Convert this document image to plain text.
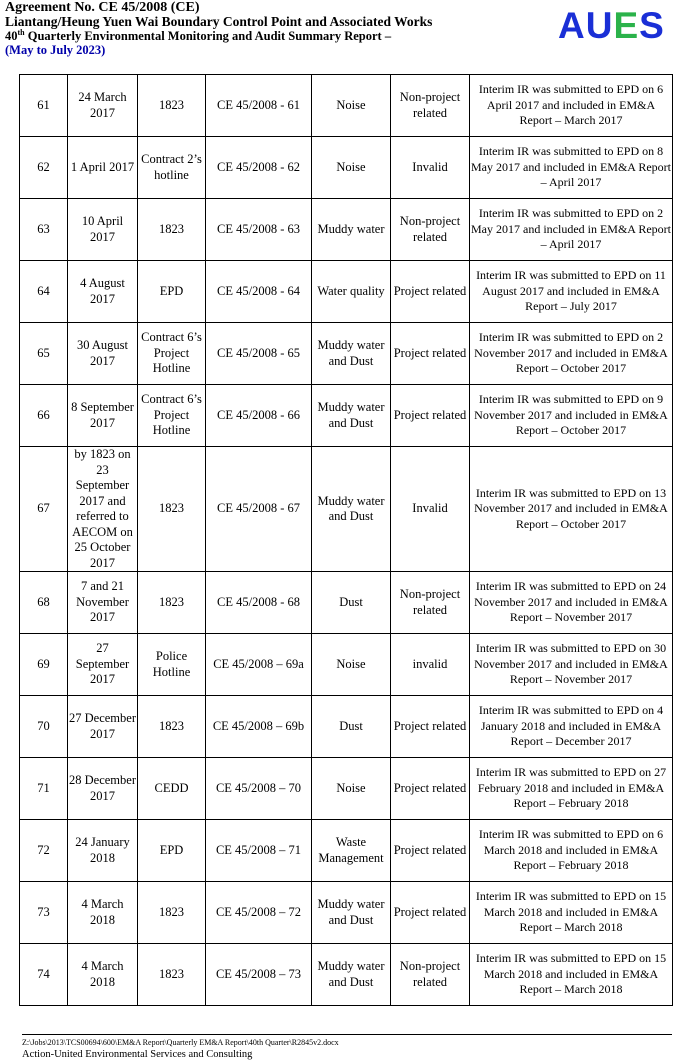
Agreement No. CE 45/2008 (CE)
Liantang/Heung Yuen Wai Boundary Control Point and Associated Works
40th Quarterly Environmental Monitoring and Audit Summary Report –
(May to July 2023)
AUES
61	24 March 2017	1823	CE 45/2008 - 61	Noise	Non-project related	Interim IR was submitted to EPD on 6 April 2017 and included in EM&A Report – March 2017
62	1 April 2017	Contract 2’s hotline	CE 45/2008 - 62	Noise	Invalid	Interim IR was submitted to EPD on 8 May 2017 and included in EM&A Report – April 2017
63	10 April 2017	1823	CE 45/2008 - 63	Muddy water	Non-project related	Interim IR was submitted to EPD on 2 May 2017 and included in EM&A Report – April 2017
64	4 August 2017	EPD	CE 45/2008 - 64	Water quality	Project related	Interim IR was submitted to EPD on 11 August 2017 and included in EM&A Report – July 2017
65	30 August 2017	Contract 6’s Project Hotline	CE 45/2008 - 65	Muddy water and Dust	Project related	Interim IR was submitted to EPD on 2 November 2017 and included in EM&A Report – October 2017
66	8 September 2017	Contract 6’s Project Hotline	CE 45/2008 - 66	Muddy water and Dust	Project related	Interim IR was submitted to EPD on 9 November 2017 and included in EM&A Report – October 2017
67	by 1823 on 23 September 2017 and referred to AECOM on 25 October 2017	1823	CE 45/2008 - 67	Muddy water and Dust	Invalid	Interim IR was submitted to EPD on 13 November 2017 and included in EM&A Report – October 2017
68	7 and 21 November 2017	1823	CE 45/2008 - 68	Dust	Non-project related	Interim IR was submitted to EPD on 24 November 2017 and included in EM&A Report – November 2017
69	27 September 2017	Police Hotline	CE 45/2008 – 69a	Noise	invalid	Interim IR was submitted to EPD on 30 November 2017 and included in EM&A Report – November 2017
70	27 December 2017	1823	CE 45/2008 – 69b	Dust	Project related	Interim IR was submitted to EPD on 4 January 2018 and included in EM&A Report – December 2017
71	28 December 2017	CEDD	CE 45/2008 – 70	Noise	Project related	Interim IR was submitted to EPD on 27 February 2018 and included in EM&A Report – February 2018
72	24 January 2018	EPD	CE 45/2008 – 71	Waste Management	Project related	Interim IR was submitted to EPD on 6 March 2018 and included in EM&A Report – February 2018
73	4 March 2018	1823	CE 45/2008 – 72	Muddy water and Dust	Project related	Interim IR was submitted to EPD on 15 March 2018 and included in EM&A Report – March 2018
74	4 March 2018	1823	CE 45/2008 – 73	Muddy water and Dust	Non-project related	Interim IR was submitted to EPD on 15 March 2018 and included in EM&A Report – March 2018
Z:\Jobs\2013\TCS00694\600\EM&A Report\Quarterly EM&A Report\40th Quarter\R2845v2.docx
Action-United Environmental Services and Consulting
